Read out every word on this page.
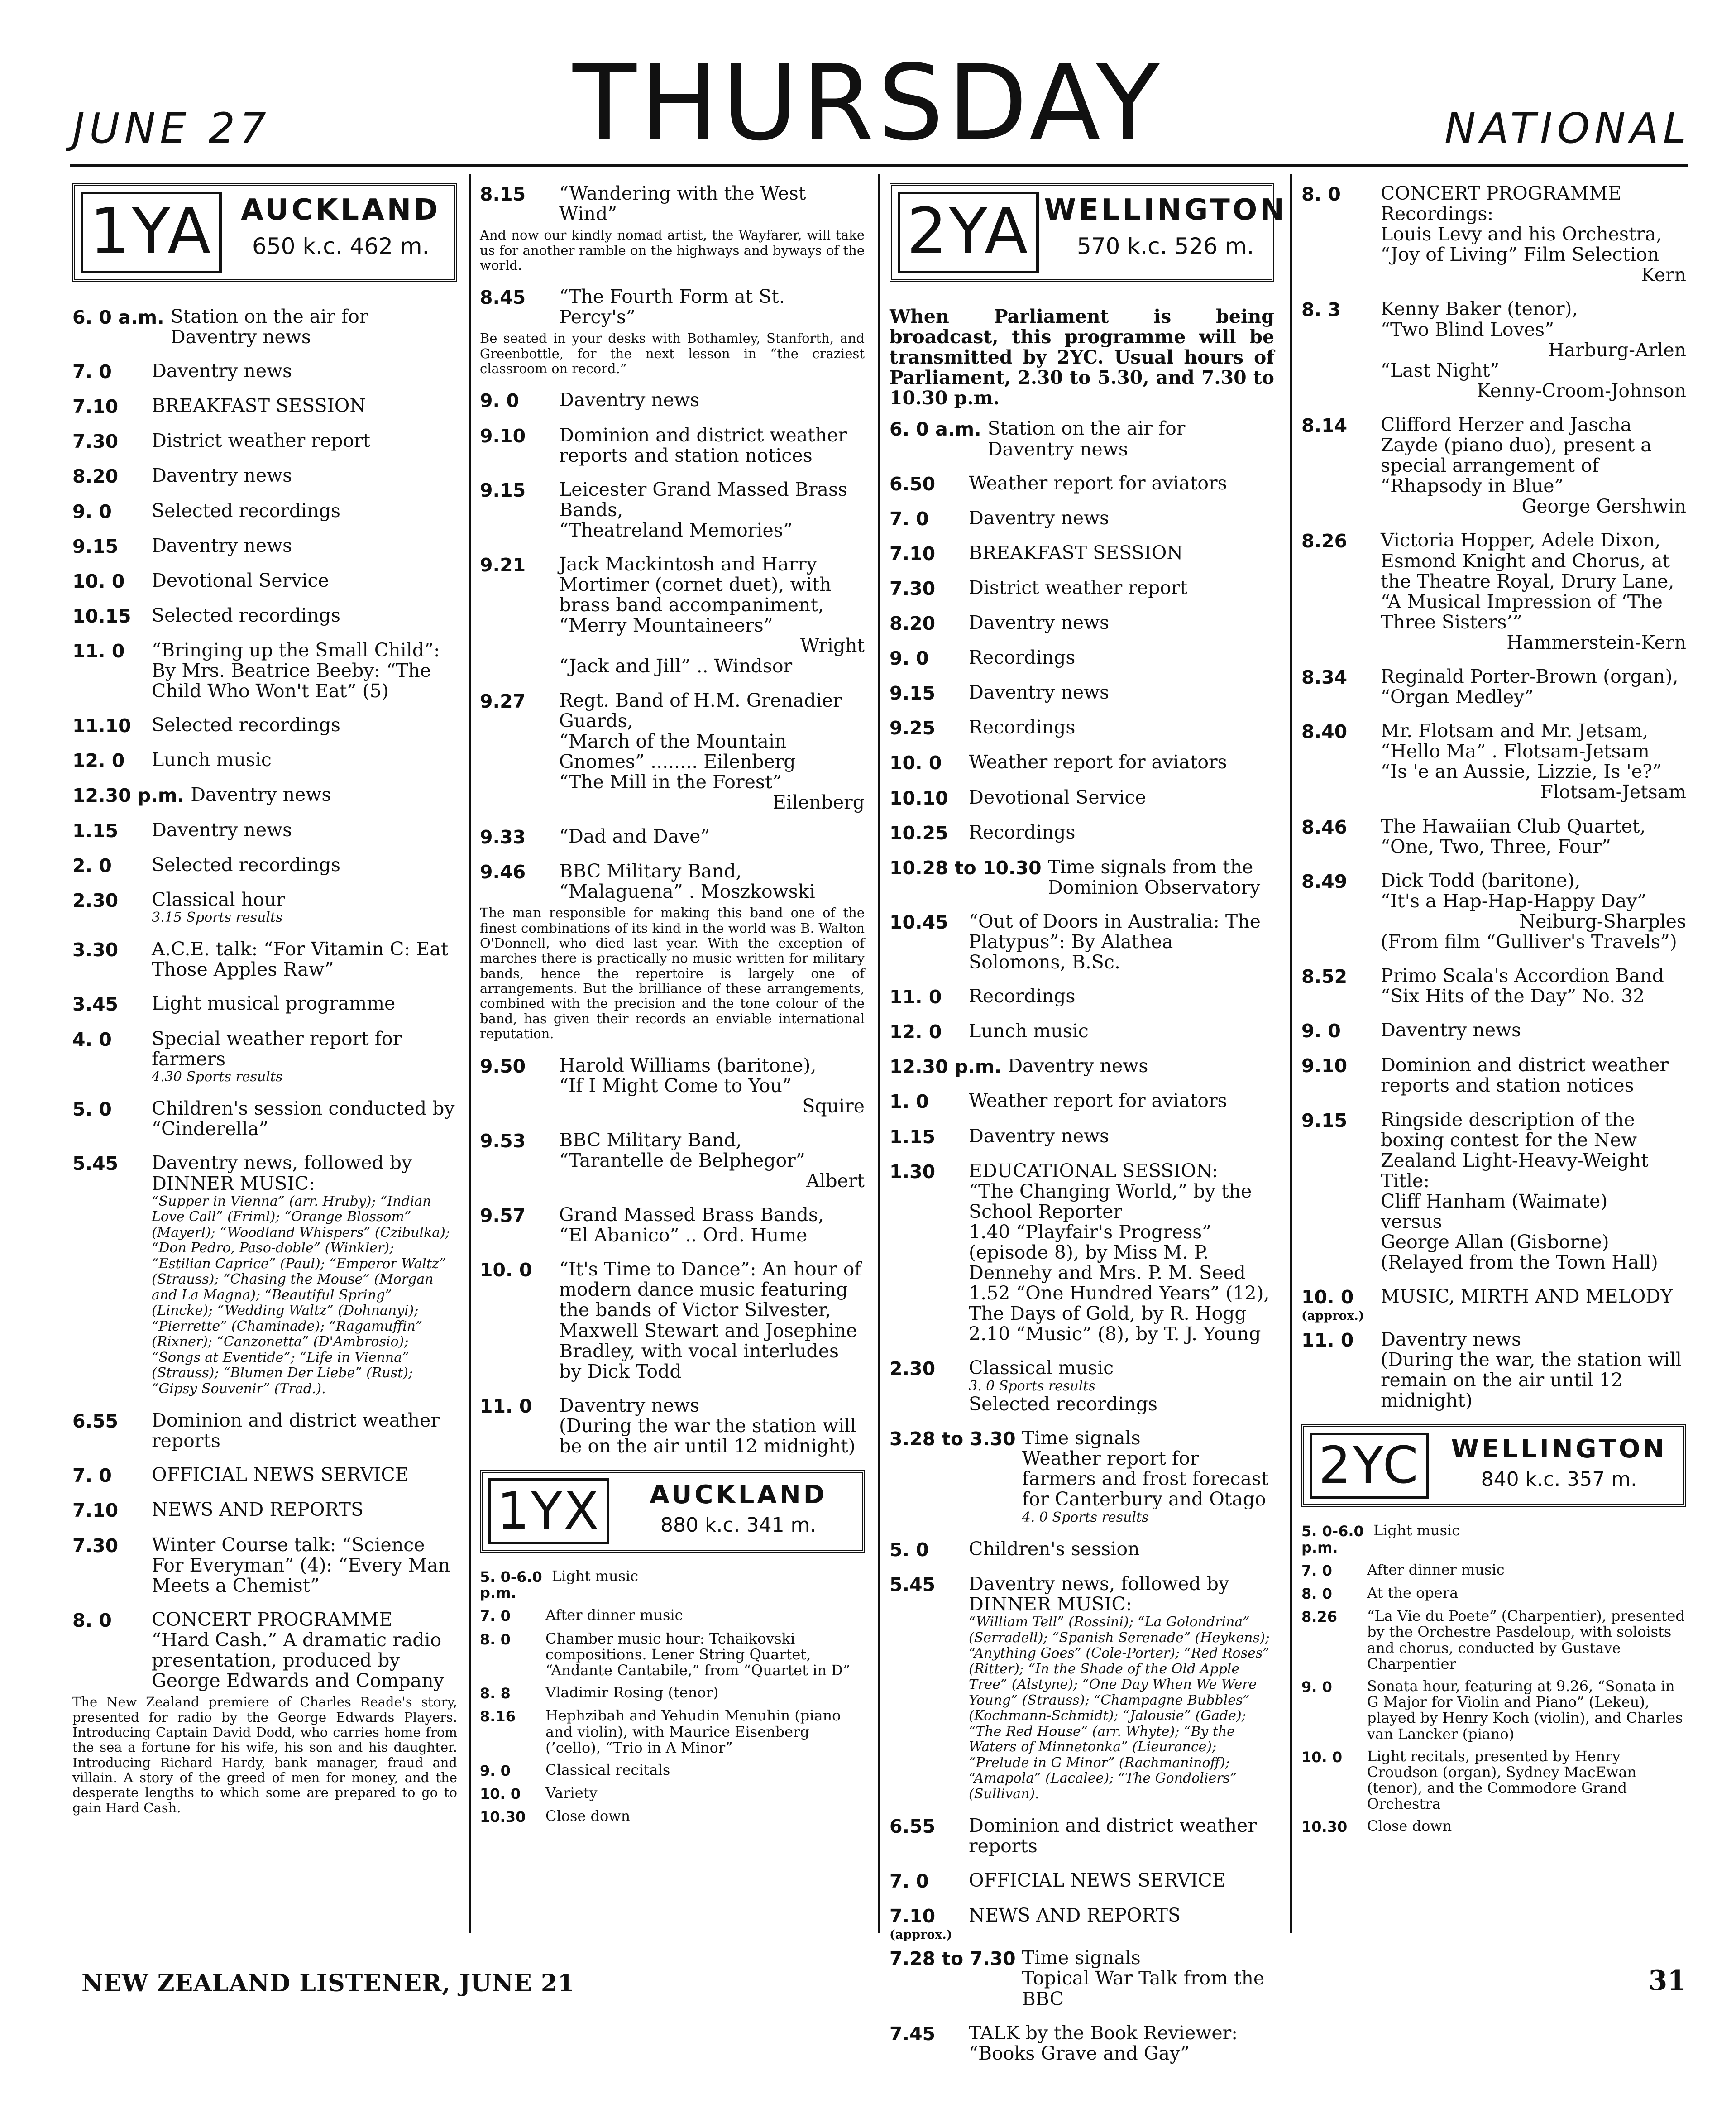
JUNE 27	THURSDAY	NATIONAL
1YA AUCKLAND
650 k.c. 462 m.
6. 0 a.m. Station on the air for Daventry news
7. 0	Daventry news
7.10	BREAKFAST SESSION
7.30	District weather report
8.20	Daventry news
9. 0	Selected recordings
9.15	Daventry news
10. 0	Devotional Service
10.15	Selected recordings
11. 0	“Bringing up the Small Child”: By Mrs. Beatrice Beeby: “The Child Who Won't Eat” (5)
11.10	Selected recordings
12. 0	Lunch music
12.30 p.m. Daventry news
1.15	Daventry news
2. 0	Selected recordings
2.30	Classical hour
3.15 Sports results
3.30	A.C.E. talk: “For Vitamin C: Eat Those Apples Raw”
3.45	Light musical programme
4. 0	Special weather report for farmers
4.30 Sports results
5. 0	Children's session conducted by “Cinderella”
5.45	Daventry news, followed by DINNER MUSIC:
“Supper in Vienna” (arr. Hruby); “Indian Love Call” (Friml); “Orange Blossom” (Mayerl); “Woodland Whispers” (Czibulka); “Don Pedro, Paso-doble” (Winkler); “Estilian Caprice” (Paul); “Emperor Waltz” (Strauss); “Chasing the Mouse” (Morgan and La Magna); “Beautiful Spring” (Lincke); “Wedding Waltz” (Dohnanyi); “Pierrette” (Chaminade); “Ragamuffin” (Rixner); “Canzonetta” (D'Ambrosio); “Songs at Eventide”; “Life in Vienna” (Strauss); “Blumen Der Liebe” (Rust); “Gipsy Souvenir” (Trad.).
6.55	Dominion and district weather reports
7. 0	OFFICIAL NEWS SERVICE
7.10	NEWS AND REPORTS
7.30	Winter Course talk: “Science For Everyman” (4): “Every Man Meets a Chemist”
8. 0	CONCERT PROGRAMME
“Hard Cash.” A dramatic radio presentation, produced by George Edwards and Company
The New Zealand premiere of Charles Reade's story, presented for radio by the George Edwards Players. Introducing Captain David Dodd, who carries home from the sea a fortune for his wife, his son and his daughter. Introducing Richard Hardy, bank manager, fraud and villain. A story of the greed of men for money, and the desperate lengths to which some are prepared to go to gain Hard Cash.
8.15	“Wandering with the West Wind”
And now our kindly nomad artist, the Wayfarer, will take us for another ramble on the highways and byways of the world.
8.45	“The Fourth Form at St. Percy's”
Be seated in your desks with Bothamley, Stanforth, and Greenbottle, for the next lesson in “the craziest classroom on record.”
9. 0	Daventry news
9.10	Dominion and district weather reports and station notices
9.15	Leicester Grand Massed Brass Bands,
“Theatreland Memories”
9.21	Jack Mackintosh and Harry Mortimer (cornet duet), with brass band accompaniment,
“Merry Mountaineers”
Wright
“Jack and Jill” .. Windsor
9.27	Regt. Band of H.M. Grenadier Guards,
“March of the Mountain Gnomes” ........ Eilenberg
“The Mill in the Forest”
Eilenberg
9.33	“Dad and Dave”
9.46	BBC Military Band,
“Malaguena” . Moszkowski
The man responsible for making this band one of the finest combinations of its kind in the world was B. Walton O'Donnell, who died last year. With the exception of marches there is practically no music written for military bands, hence the repertoire is largely one of arrangements. But the brilliance of these arrangements, combined with the precision and the tone colour of the band, has given their records an enviable international reputation.
9.50	Harold Williams (baritone),
“If I Might Come to You”
Squire
9.53	BBC Military Band,
“Tarantelle de Belphegor”
Albert
9.57	Grand Massed Brass Bands,
“El Abanico” .. Ord. Hume
10. 0	“It's Time to Dance”: An hour of modern dance music featuring the bands of Victor Silvester, Maxwell Stewart and Josephine Bradley, with vocal interludes by Dick Todd
11. 0	Daventry news
(During the war the station will be on the air until 12 midnight)
1YX	AUCKLAND
880 k.c. 341 m.
5. 0-6.0 p.m.
Light music
7. 0	After dinner music
8. 0	Chamber music hour: Tchaikovski compositions. Lener String Quartet, “Andante Cantabile,” from “Quartet in D”
8. 8	Vladimir Rosing (tenor)
8.16	Hephzibah and Yehudin Menuhin (piano and violin), with Maurice Eisenberg (’cello), “Trio in A Minor”
9. 0	Classical recitals
10. 0	Variety
10.30	Close down
2YA WELLINGTON
570 k.c. 526 m.
When Parliament is being broadcast, this programme will be transmitted by 2YC. Usual hours of Parliament, 2.30 to 5.30, and 7.30 to 10.30 p.m.
6. 0 a.m. Station on the air for Daventry news
6.50	Weather report for aviators
7. 0	Daventry news
7.10	BREAKFAST SESSION
7.30	District weather report
8.20	Daventry news
9. 0	Recordings
9.15	Daventry news
9.25	Recordings
10. 0	Weather report for aviators
10.10	Devotional Service
10.25	Recordings
10.28 to 10.30 Time signals from the Dominion Observatory
10.45	“Out of Doors in Australia: The Platypus”: By Alathea Solomons, B.Sc.
11. 0	Recordings
12. 0	Lunch music
12.30 p.m. Daventry news
1. 0	Weather report for aviators
1.15	Daventry news
1.30	EDUCATIONAL SESSION:
“The Changing World,” by the School Reporter
1.40 “Playfair's Progress” (episode 8), by Miss M. P. Dennehy and Mrs. P. M. Seed
1.52 “One Hundred Years” (12), The Days of Gold, by R. Hogg
2.10 “Music” (8), by T. J. Young
2.30	Classical music
3. 0 Sports results
Selected recordings
3.28 to 3.30 Time signals
Weather report for farmers and frost forecast for Canterbury and Otago
4. 0 Sports results
5. 0	Children's session
5.45	Daventry news, followed by DINNER MUSIC:
“William Tell” (Rossini); “La Golondrina” (Serradell); “Spanish Serenade” (Heykens); “Anything Goes” (Cole-Porter); “Red Roses” (Ritter); “In the Shade of the Old Apple Tree” (Alstyne); “One Day When We Were Young” (Strauss); “Champagne Bubbles” (Kochmann-Schmidt); “Jalousie” (Gade); “The Red House” (arr. Whyte); “By the Waters of Minnetonka” (Lieurance); “Prelude in G Minor” (Rachmaninoff); “Amapola” (Lacalee); “The Gondoliers” (Sullivan).
6.55	Dominion and district weather reports
7. 0	OFFICIAL NEWS SERVICE
7.10	NEWS AND REPORTS
(approx.)
7.28 to 7.30 Time signals
Topical War Talk from the BBC
7.45	TALK by the Book Reviewer: “Books Grave and Gay”
8. 0	CONCERT PROGRAMME
Recordings:
Louis Levy and his Orchestra, “Joy of Living” Film Selection
Kern
8. 3	Kenny Baker (tenor),
“Two Blind Loves”
Harburg-Arlen
“Last Night”
Kenny-Croom-Johnson
8.14	Clifford Herzer and Jascha Zayde (piano duo), present a special arrangement of
“Rhapsody in Blue”
George Gershwin
8.26	Victoria Hopper, Adele Dixon, Esmond Knight and Chorus, at the Theatre Royal, Drury Lane,
“A Musical Impression of ‘The Three Sisters’”
Hammerstein-Kern
8.34	Reginald Porter-Brown (organ),
“Organ Medley”
8.40	Mr. Flotsam and Mr. Jetsam,
“Hello Ma” . Flotsam-Jetsam
“Is 'e an Aussie, Lizzie, Is 'e?”
Flotsam-Jetsam
8.46	The Hawaiian Club Quartet,
“One, Two, Three, Four”
8.49	Dick Todd (baritone),
“It's a Hap-Hap-Happy Day”
Neiburg-Sharples
(From film “Gulliver's Travels”)
8.52	Primo Scala's Accordion Band
“Six Hits of the Day” No. 32
9. 0	Daventry news
9.10	Dominion and district weather reports and station notices
9.15	Ringside description of the boxing contest for the New Zealand Light-Heavy-Weight Title:
Cliff Hanham (Waimate)
versus
George Allan (Gisborne)
(Relayed from the Town Hall)
10. 0	MUSIC, MIRTH AND MELODY
(approx.)
11. 0	Daventry news
(During the war, the station will remain on the air until 12 midnight)
2YC	WELLINGTON
840 k.c. 357 m.
5. 0-6.0 p.m.
Light music
7. 0	After dinner music
8. 0	At the opera
8.26	“La Vie du Poete” (Charpentier), presented by the Orchestre Pasdeloup, with soloists and chorus, conducted by Gustave Charpentier
9. 0	Sonata hour, featuring at 9.26, “Sonata in G Major for Violin and Piano” (Lekeu), played by Henry Koch (violin), and Charles van Lancker (piano)
10. 0	Light recitals, presented by Henry Croudson (organ), Sydney MacEwan (tenor), and the Commodore Grand Orchestra
10.30	Close down
NEW ZEALAND LISTENER, JUNE 21	31
